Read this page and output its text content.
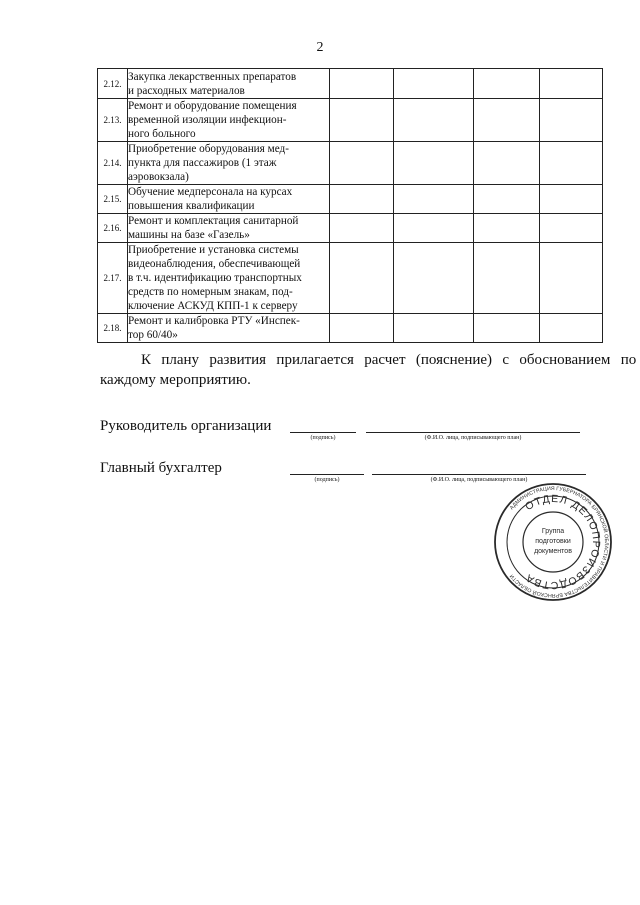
2
2.12.	Закупка лекарственных препаратов
и расходных материалов				

2.13.	Ремонт и оборудование помещения
временной изоляции инфекцион-
ного больного				

2.14.	Приобретение оборудования мед-
пункта для пассажиров (1 этаж
аэровокзала)				

2.15.	Обучение медперсонала на курсах
повышения квалификации				

2.16.	Ремонт и комплектация санитарной
машины на базе «Газель»				

2.17.	Приобретение и установка системы
видеонаблюдения, обеспечивающей
в т.ч. идентификацию транспортных
средств по номерным знакам, под-
ключение АСКУД КПП-1 к серверу				

2.18.	Ремонт и калибровка РТУ «Инспек-
тор 60/40»				

К плану развития прилагается расчет (пояснение) с обоснованием по
каждому мероприятию.
Руководитель организации
(подпись)	(Ф.И.О. лица, подписывающего план)
Главный бухгалтер
(подпись)	(Ф.И.О. лица, подписывающего план)
АДМИНИСТРАЦИЯ ГУБЕРНАТОРА БРЯНСКОЙ ОБЛАСТИ И ПРАВИТЕЛЬСТВА БРЯНСКОЙ ОБЛАСТИ
ОТДЕЛ ДЕЛОПРОИЗВОДСТВА
Группа
подготовки
документов
